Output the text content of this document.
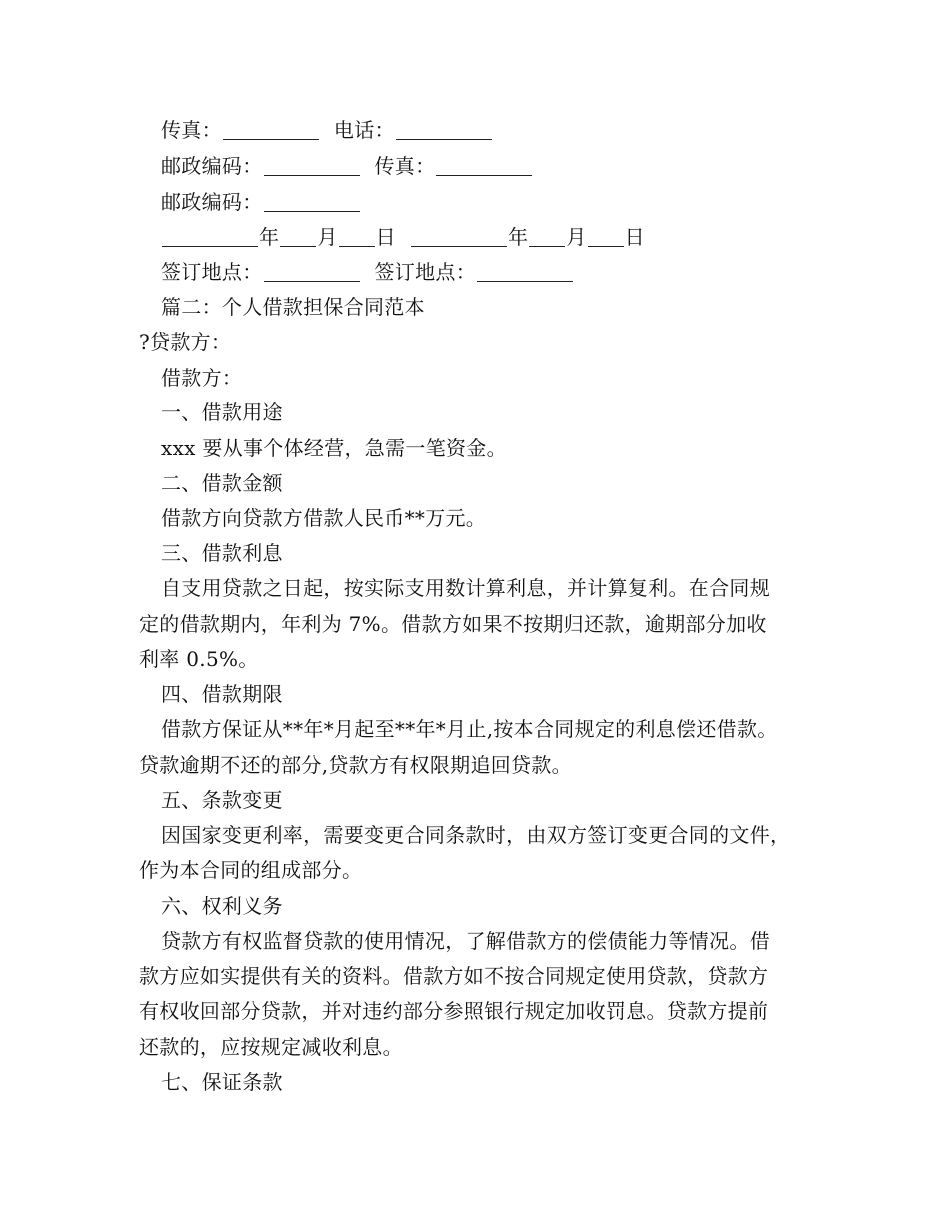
传真：	电话：
邮政编码：	传真：
邮政编码：
年 月 日	年 月 日
签订地点：	签订地点：
篇二：个人借款担保合同范本
?贷款方：
借款方：
一、借款用途
xxx 要从事个体经营，急需一笔资金。
二、借款金额
借款方向贷款方借款人民币**万元。
三、借款利息
自支用贷款之日起，按实际支用数计算利息，并计算复利。在合同规
定的借款期内，年利为 7%。借款方如果不按期归还款，逾期部分加收
利率 0.5%。
四、借款期限
借款方保证从**年*月起至**年*月止,按本合同规定的利息偿还借款。
贷款逾期不还的部分,贷款方有权限期追回贷款。
五、条款变更
因国家变更利率，需要变更合同条款时，由双方签订变更合同的文件，
作为本合同的组成部分。
六、权利义务
贷款方有权监督贷款的使用情况，了解借款方的偿债能力等情况。借
款方应如实提供有关的资料。借款方如不按合同规定使用贷款，贷款方
有权收回部分贷款，并对违约部分参照银行规定加收罚息。贷款方提前
还款的，应按规定减收利息。
七、保证条款
